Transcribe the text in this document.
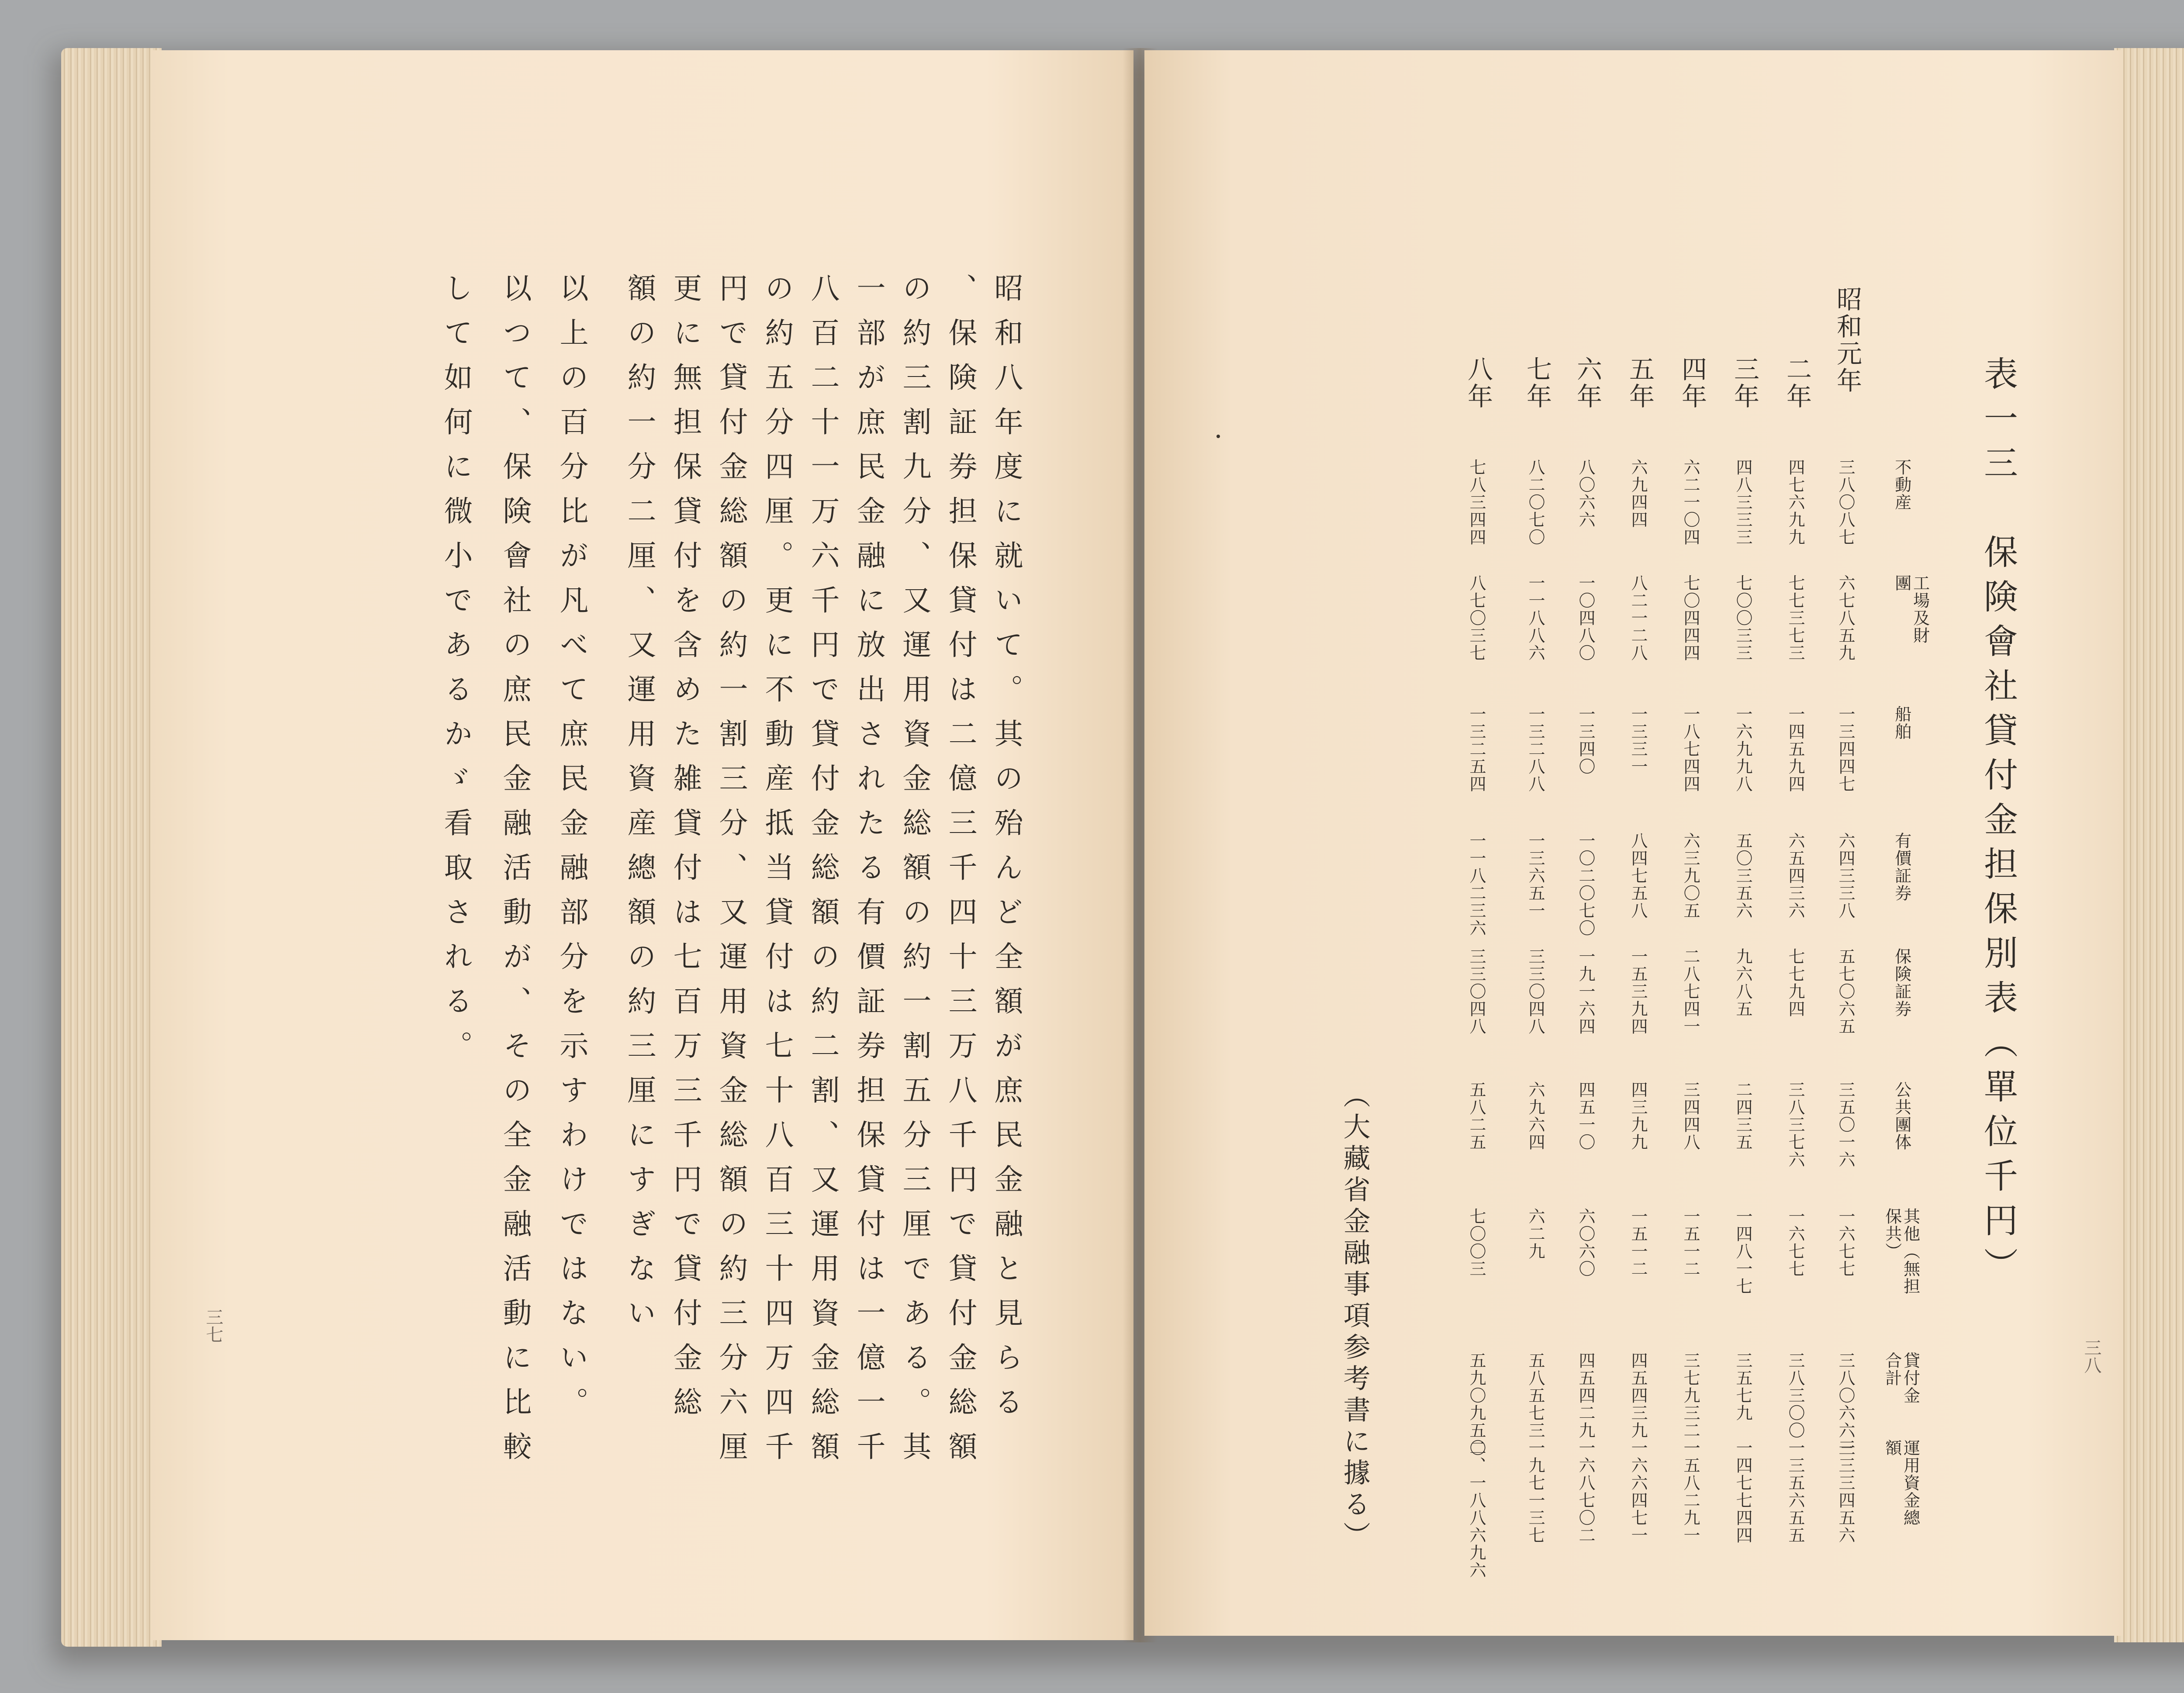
昭和八年度に就いて。其の殆んど全額が庶民金融と見らる
、保険証券担保貸付は二億三千四十三万八千円で貸付金総額
の約三割九分、又運用資金総額の約一割五分三厘である。其
一部が庶民金融に放出されたる有價証券担保貸付は一億一千
八百二十一万六千円で貸付金総額の約二割、又運用資金総額
の約五分四厘。更に不動産抵当貸付は七十八百三十四万四千
円で貸付金総額の約一割三分、又運用資金総額の約三分六厘
更に無担保貸付を含めた雑貸付は七百万三千円で貸付金総
額の約一分二厘、又運用資産總額の約三厘にすぎない
以上の百分比が凡べて庶民金融部分を示すわけではない。
以つて、保険會社の庶民金融活動が、その全金融活動に比較
して如何に微小であるかゞ看取される。
三七
表一三　保険會社貸付金担保別表（單位千円）
不動産
工場及財團
船舶
有價証券
保険証券
公共團体
其他（無担保共）
貸付金合計
運用資金總額
昭和元年
三八〇八七
六七八五九
一三四四七
六四三三八
五七〇六五
三五〇一六
一六七七
三八〇六六三
一三三四五六
二年
四七六九九
七七三七三
一四五九四
六五四三六
七七九四
三八三七六
一六七七
三八三〇〇
一三五六五五
三年
四八三三三
七〇〇三三
一六九九八
五〇三五六
九六八五
二四三五
一四八一七
三五七九
一四七七四四
四年
六二一〇四
七〇四四四
一八七四四
六三九〇五
二八七四一
三四四八
一五一二
三七九三二一
一五八二九一
五年
六九四四
八二一二八
一三三一
八四七五八
一五三九四
四三九九
一五一二
四五四三九
一六六四七一
六年
八〇六六
一〇四八〇
一三四〇
一〇二〇七〇
一九一六四
四五一〇
六〇六〇
四五四二九
一六八七〇二
七年
八二〇七〇
一一八八六
一三二八八
一三六五一
三三〇四八
六九六四
六二九
五八五七三
一九七一三七
八年
七八三四四
八七〇三七
一三二五四
一一八二三六
三三〇四八
五八二五
七〇〇三
五九〇九五〇
二、一八八六九六
（大藏省金融事項参考書に據る）	三八
